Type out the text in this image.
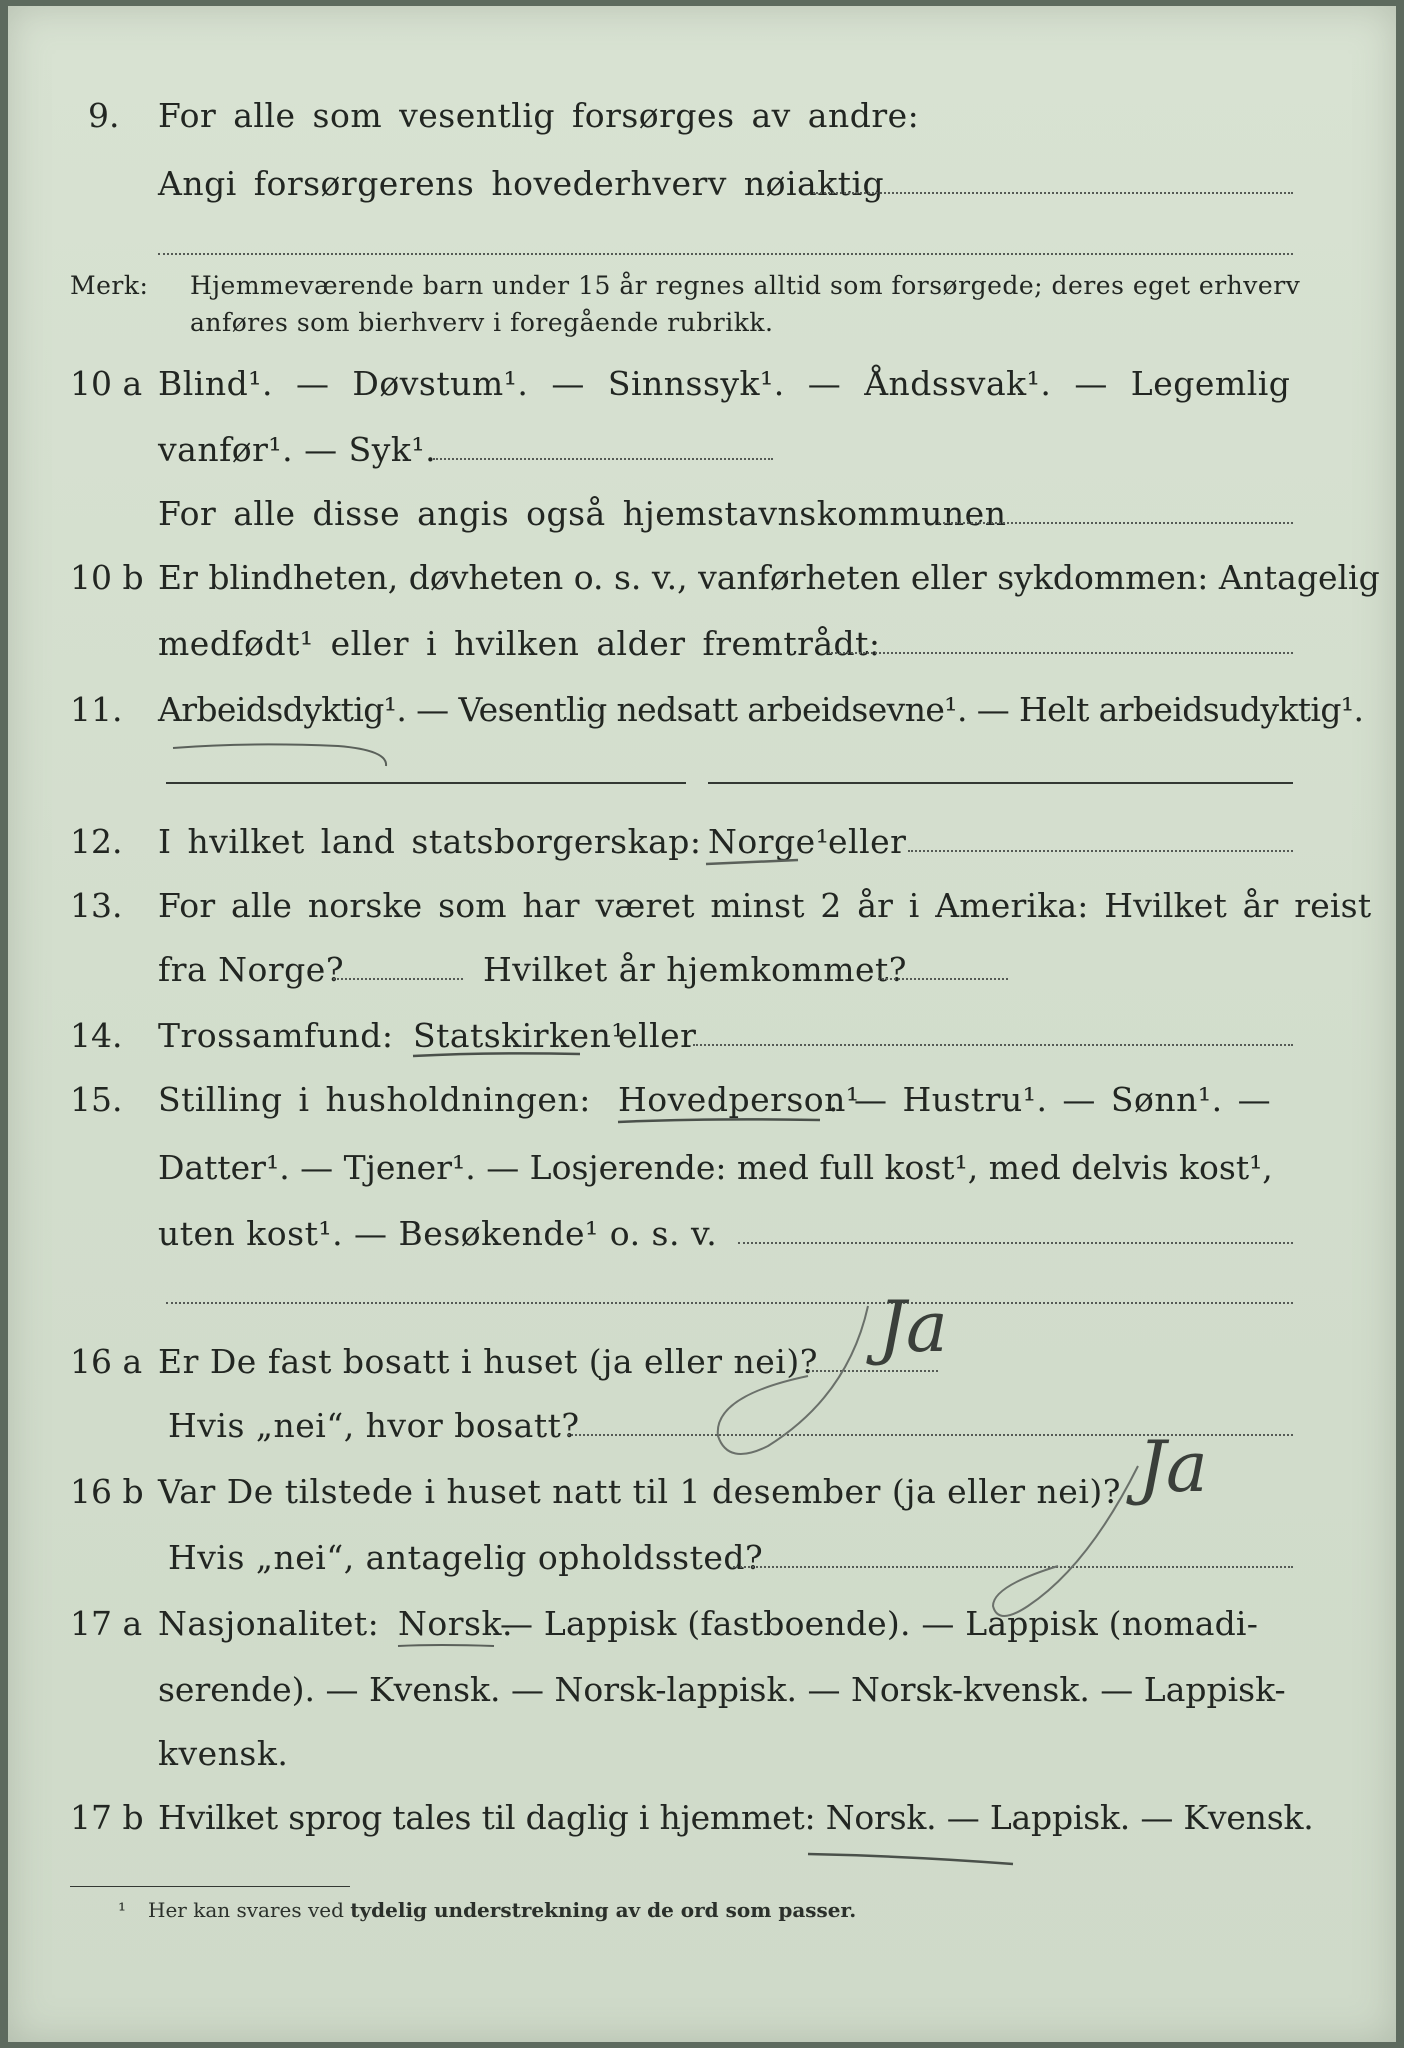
9. For alle som vesentlig forsørges av andre:
Angi forsørgerens hovederhverv nøiaktig
Merk: Hjemmeværende barn under 15 år regnes alltid som forsørgede; deres eget erhverv
anføres som bierhverv i foregående rubrikk.
10 a Blind¹. — Døvstum¹. — Sinnssyk¹. — Åndssvak¹. — Legemlig
vanfør¹. — Syk¹.
For alle disse angis også hjemstavnskommunen
10 b Er blindheten, døvheten o. s. v., vanførheten eller sykdommen: Antagelig
medfødt¹ eller i hvilken alder fremtrådt:
11. Arbeidsdyktig¹. — Vesentlig nedsatt arbeidsevne¹. — Helt arbeidsudyktig¹.
12. I hvilket land statsborgerskap: Norge¹
eller
13. For alle norske som har været minst 2 år i Amerika: Hvilket år reist
fra Norge?	Hvilket år hjemkommet?
14. Trossamfund: Statskirken¹
eller
15. Stilling i husholdningen: Hovedperson¹
. — Hustru¹. — Sønn¹. —
Datter¹. — Tjener¹. — Losjerende: med full kost¹, med delvis kost¹,
uten kost¹. — Besøkende¹ o. s. v.
16 a Er De fast bosatt i huset (ja eller nei)? Ja
Hvis „nei“, hvor bosatt?
16 b Var De tilstede i huset natt til 1 desember (ja eller nei)? Ja
Hvis „nei“, antagelig opholdssted?
17 a Nasjonalitet: Norsk.
— Lappisk (fastboende). — Lappisk (nomadi-
serende). — Kvensk. — Norsk-lappisk. — Norsk-kvensk. — Lappisk-
kvensk.
17 b Hvilket sprog tales til daglig i hjemmet: Norsk. — Lappisk. — Kvensk.
¹ Her kan svares ved tydelig understrekning av de ord som passer.
